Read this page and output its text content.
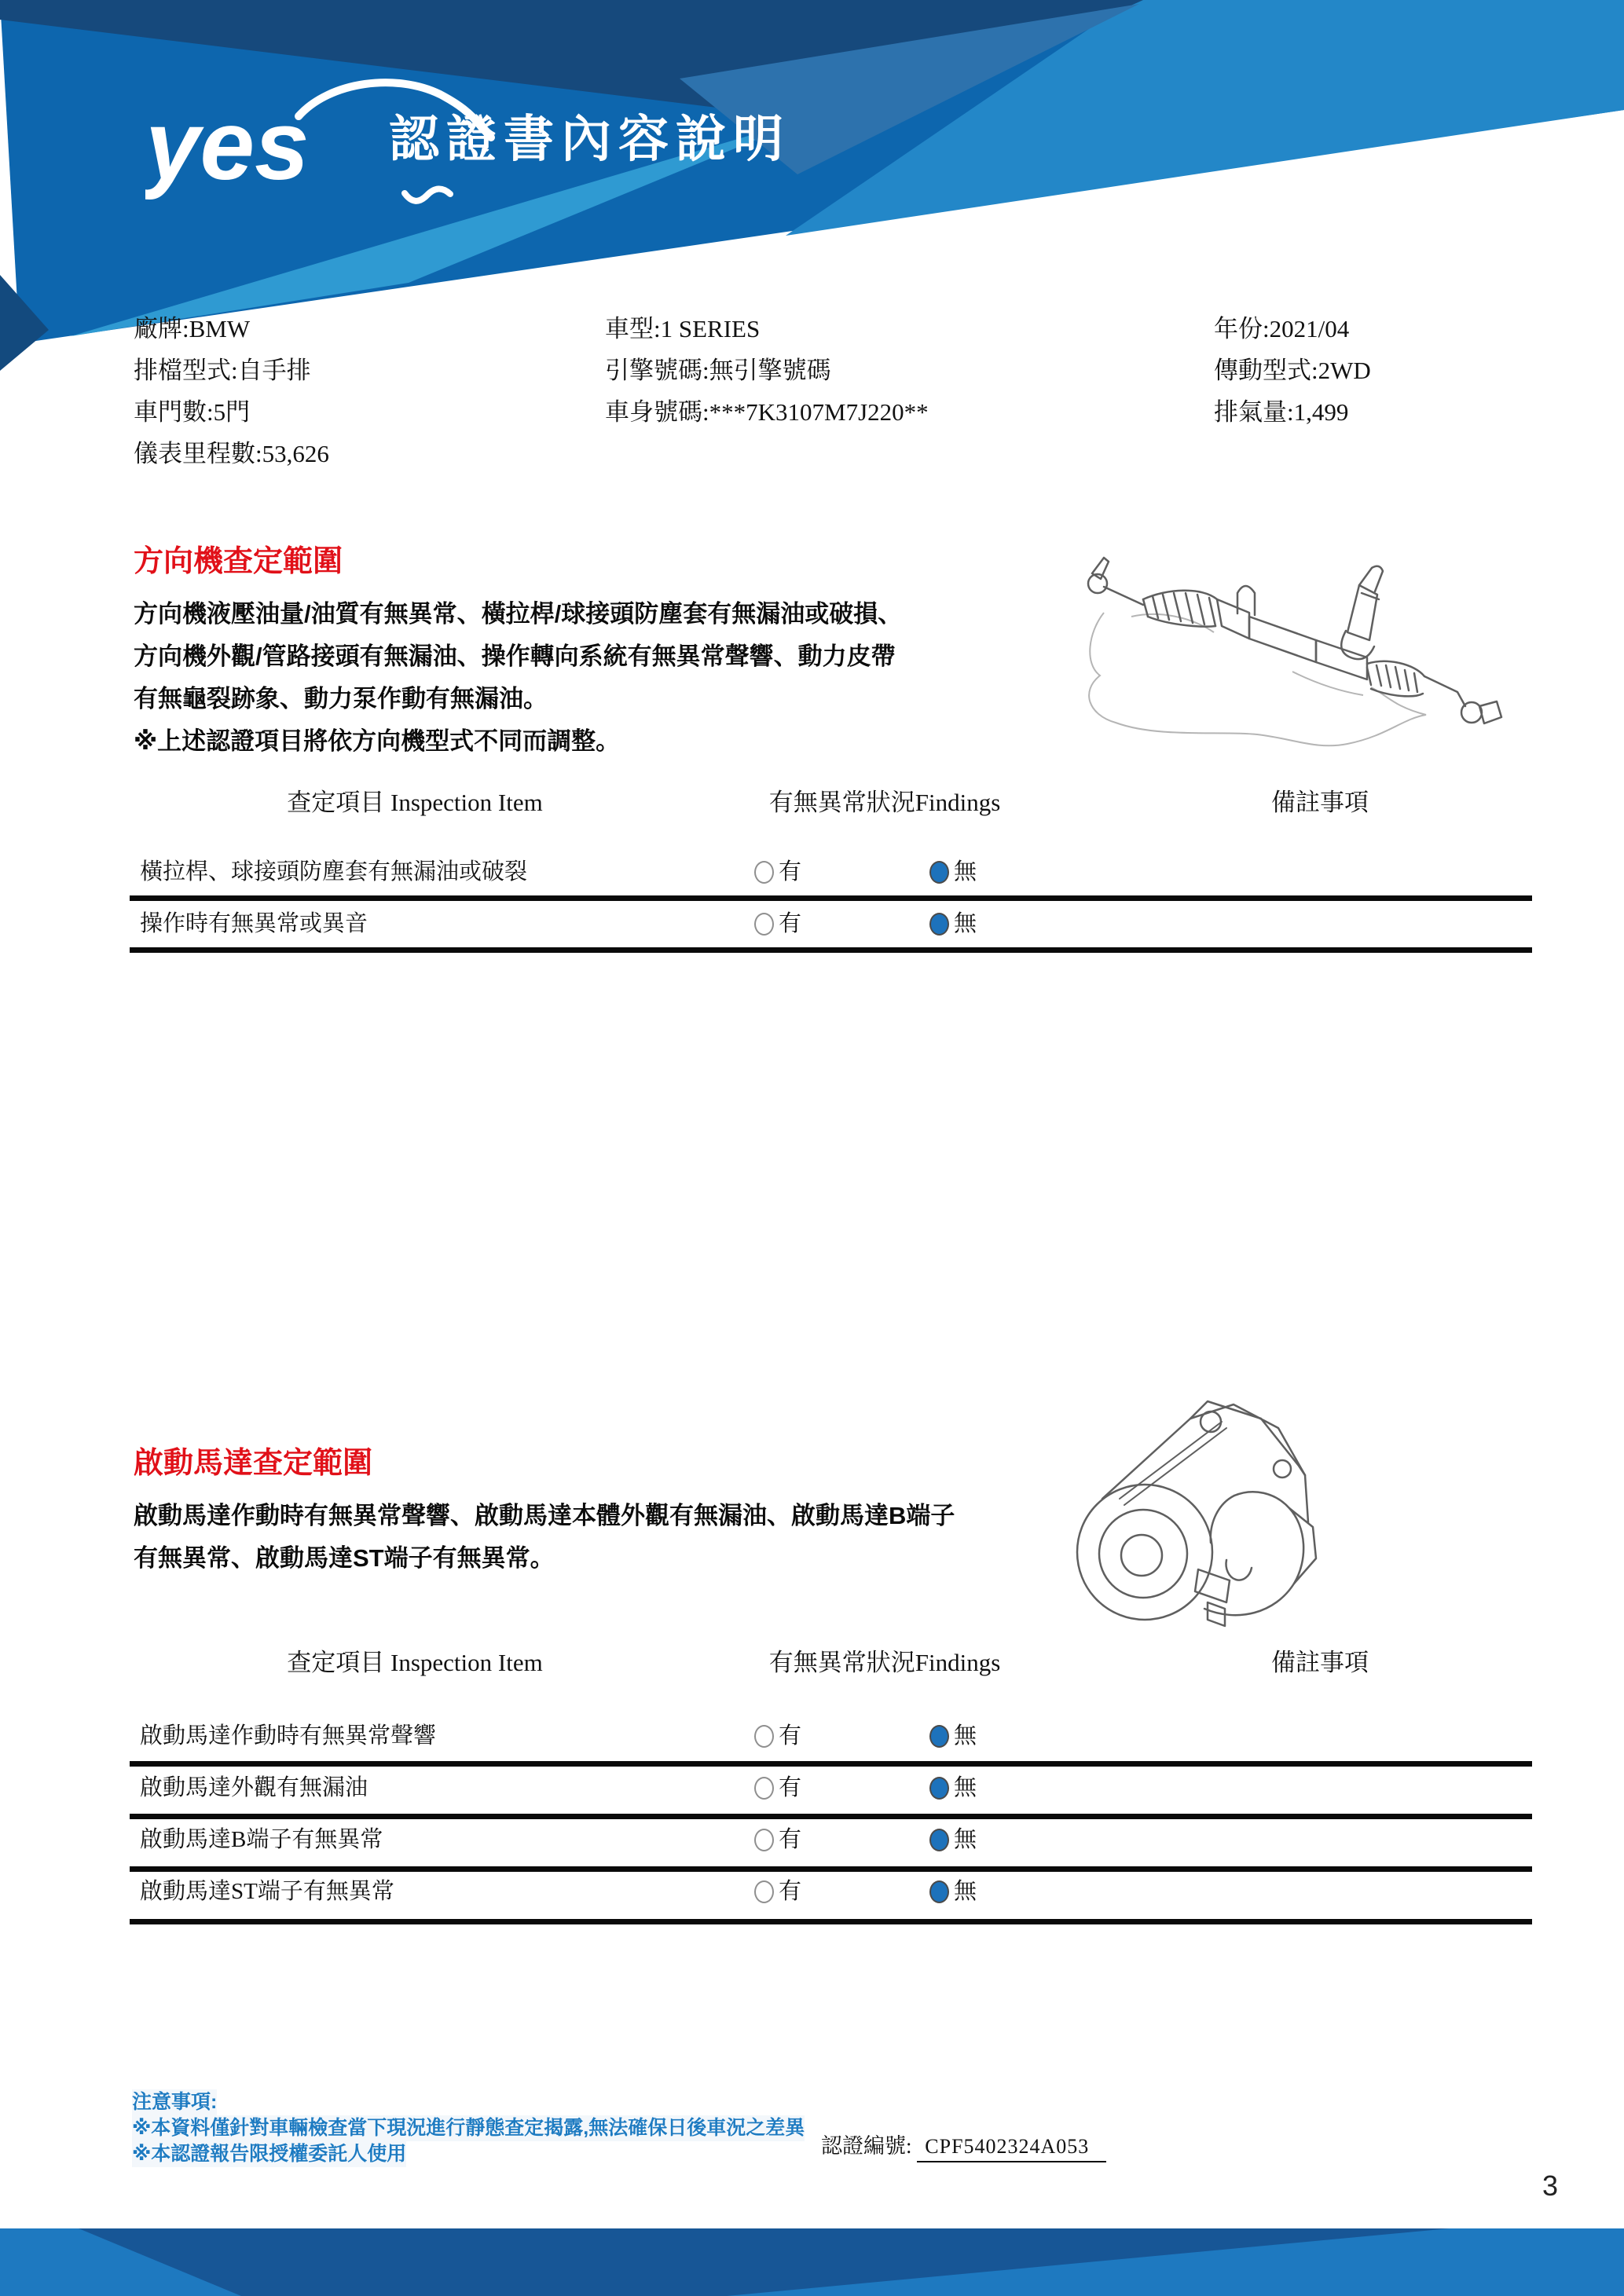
yes 認證書內容說明
廠牌:BMW
排檔型式:自手排
車門數:5門
儀表里程數:53,626
車型:1 SERIES
引擎號碼:無引擎號碼
車身號碼:***7K3107M7J220**
年份:2021/04
傳動型式:2WD
排氣量:1,499
方向機查定範圍
方向機液壓油量/油質有無異常、橫拉桿/球接頭防塵套有無漏油或破損、
方向機外觀/管路接頭有無漏油、操作轉向系統有無異常聲響、動力皮帶
有無龜裂跡象、動力泵作動有無漏油。
※上述認證項目將依方向機型式不同而調整。
查定項目 Inspection Item	有無異常狀況Findings	備註事項
橫拉桿、球接頭防塵套有無漏油或破裂	有	無
操作時有無異常或異音	有	無
啟動馬達查定範圍
啟動馬達作動時有無異常聲響、啟動馬達本體外觀有無漏油、啟動馬達B端子
有無異常、啟動馬達ST端子有無異常。
查定項目 Inspection Item	有無異常狀況Findings	備註事項
啟動馬達作動時有無異常聲響	有	無
啟動馬達外觀有無漏油	有	無
啟動馬達B端子有無異常	有	無
啟動馬達ST端子有無異常	有	無
注意事項:
※本資料僅針對車輛檢查當下現況進行靜態查定揭露,無法確保日後車況之差異
※本認證報告限授權委託人使用	認證編號: CPF5402324A053
3
